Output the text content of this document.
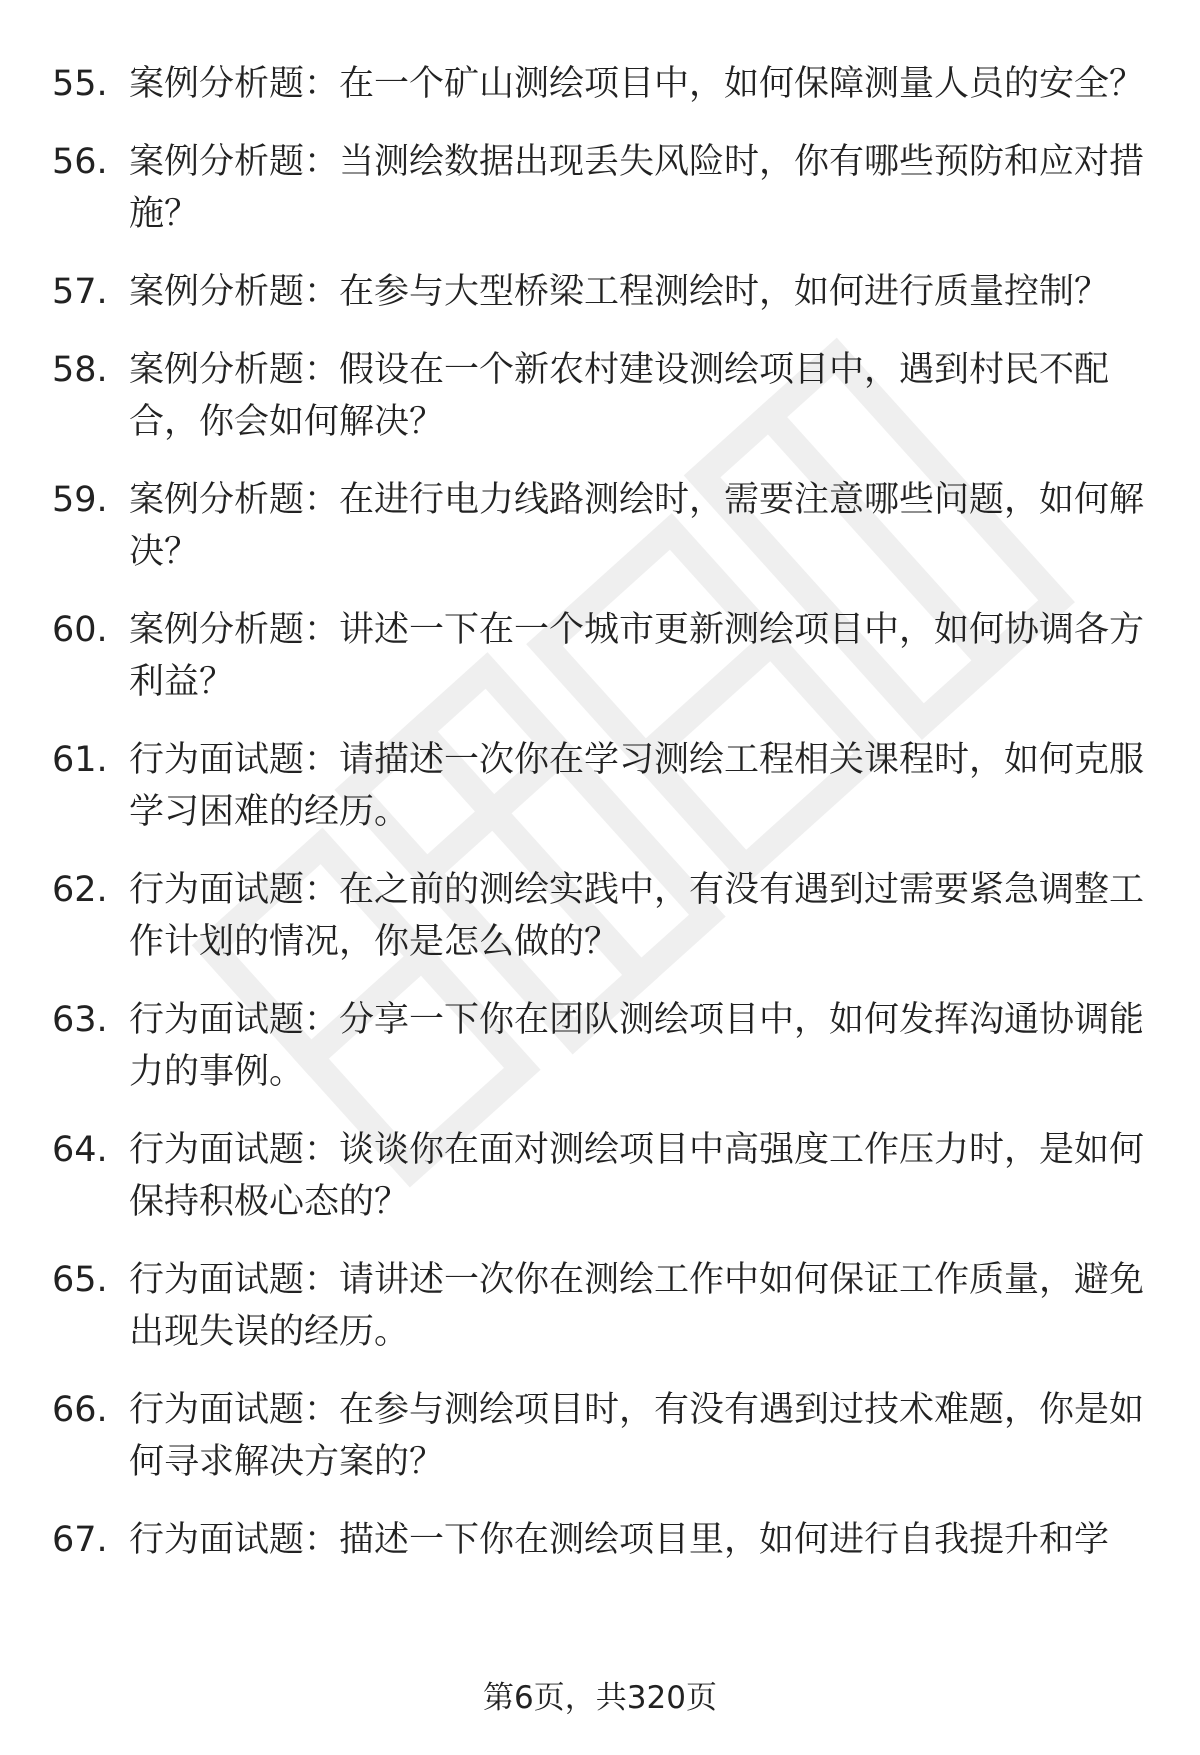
55. 案例分析题：在一个矿山测绘项目中，如何保障测量人员的安全？
56. 案例分析题：当测绘数据出现丢失风险时，你有哪些预防和应对措施？
57. 案例分析题：在参与大型桥梁工程测绘时，如何进行质量控制？
58. 案例分析题：假设在一个新农村建设测绘项目中，遇到村民不配合，你会如何解决？
59. 案例分析题：在进行电力线路测绘时，需要注意哪些问题，如何解决？
60. 案例分析题：讲述一下在一个城市更新测绘项目中，如何协调各方利益？
61. 行为面试题：请描述一次你在学习测绘工程相关课程时，如何克服学习困难的经历。
62. 行为面试题：在之前的测绘实践中，有没有遇到过需要紧急调整工作计划的情况，你是怎么做的？
63. 行为面试题：分享一下你在团队测绘项目中，如何发挥沟通协调能力的事例。
64. 行为面试题：谈谈你在面对测绘项目中高强度工作压力时，是如何保持积极心态的？
65. 行为面试题：请讲述一次你在测绘工作中如何保证工作质量，避免出现失误的经历。
66. 行为面试题：在参与测绘项目时，有没有遇到过技术难题，你是如何寻求解决方案的？
67. 行为面试题：描述一下你在测绘项目里，如何进行自我提升和学
第6页，共320页
